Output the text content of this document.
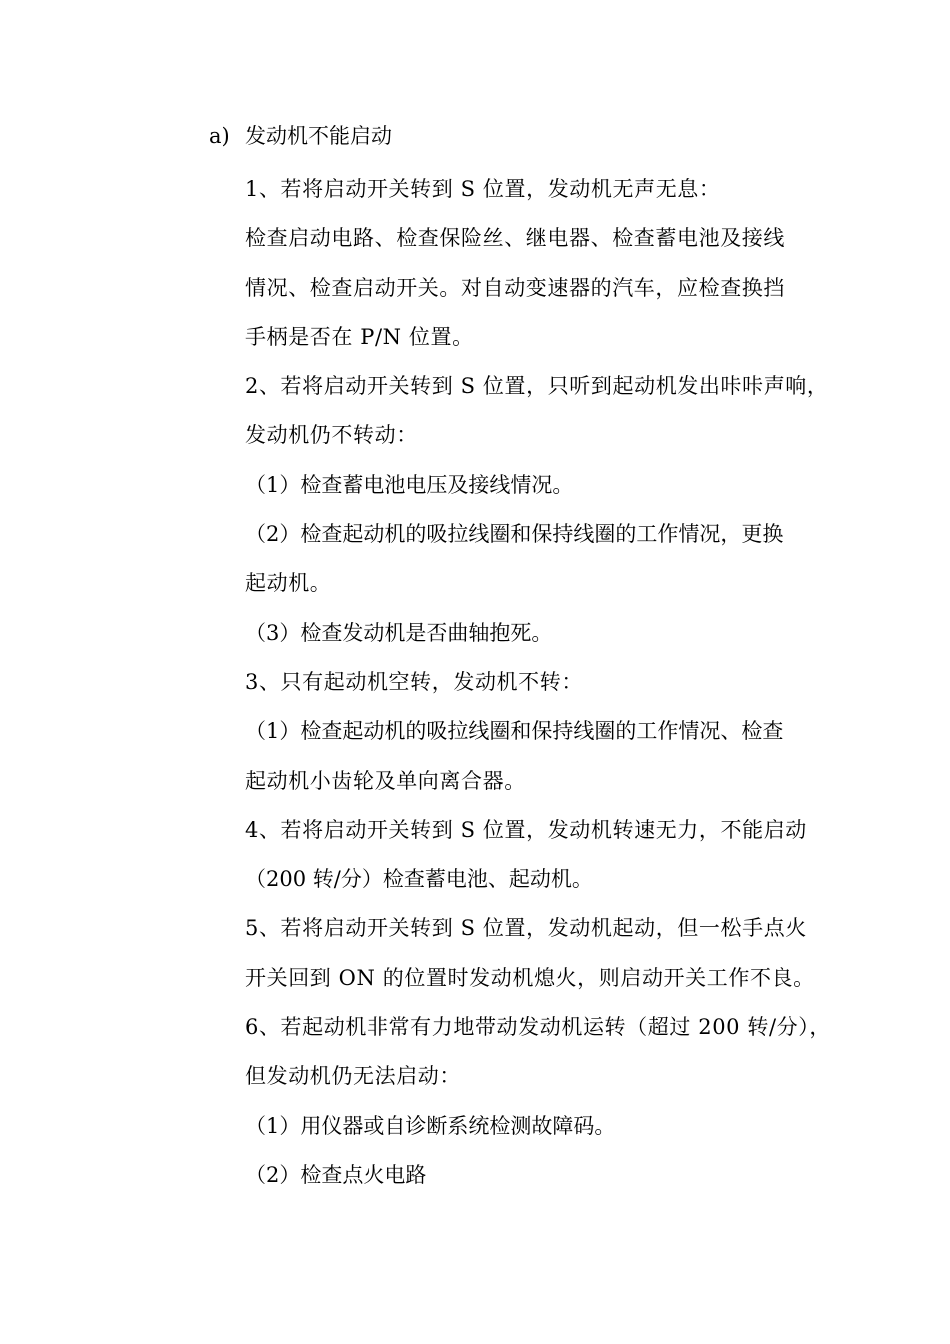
a) 发动机不能启动
1、若将启动开关转到 S 位置，发动机无声无息：
检查启动电路、检查保险丝、继电器、检查蓄电池及接线
情况、检查启动开关。对自动变速器的汽车，应检查换挡
手柄是否在 P/N 位置。
2、若将启动开关转到 S 位置，只听到起动机发出咔咔声响，
发动机仍不转动：
（1）检查蓄电池电压及接线情况。
（2）检查起动机的吸拉线圈和保持线圈的工作情况，更换
起动机。
（3）检查发动机是否曲轴抱死。
3、只有起动机空转，发动机不转：
（1）检查起动机的吸拉线圈和保持线圈的工作情况、检查
起动机小齿轮及单向离合器。
4、若将启动开关转到 S 位置，发动机转速无力，不能启动
（200 转/分）检查蓄电池、起动机。
5、若将启动开关转到 S 位置，发动机起动，但一松手点火
开关回到 ON 的位置时发动机熄火，则启动开关工作不良。
6、若起动机非常有力地带动发动机运转（超过 200 转/分），
但发动机仍无法启动：
（1）用仪器或自诊断系统检测故障码。
（2）检查点火电路
